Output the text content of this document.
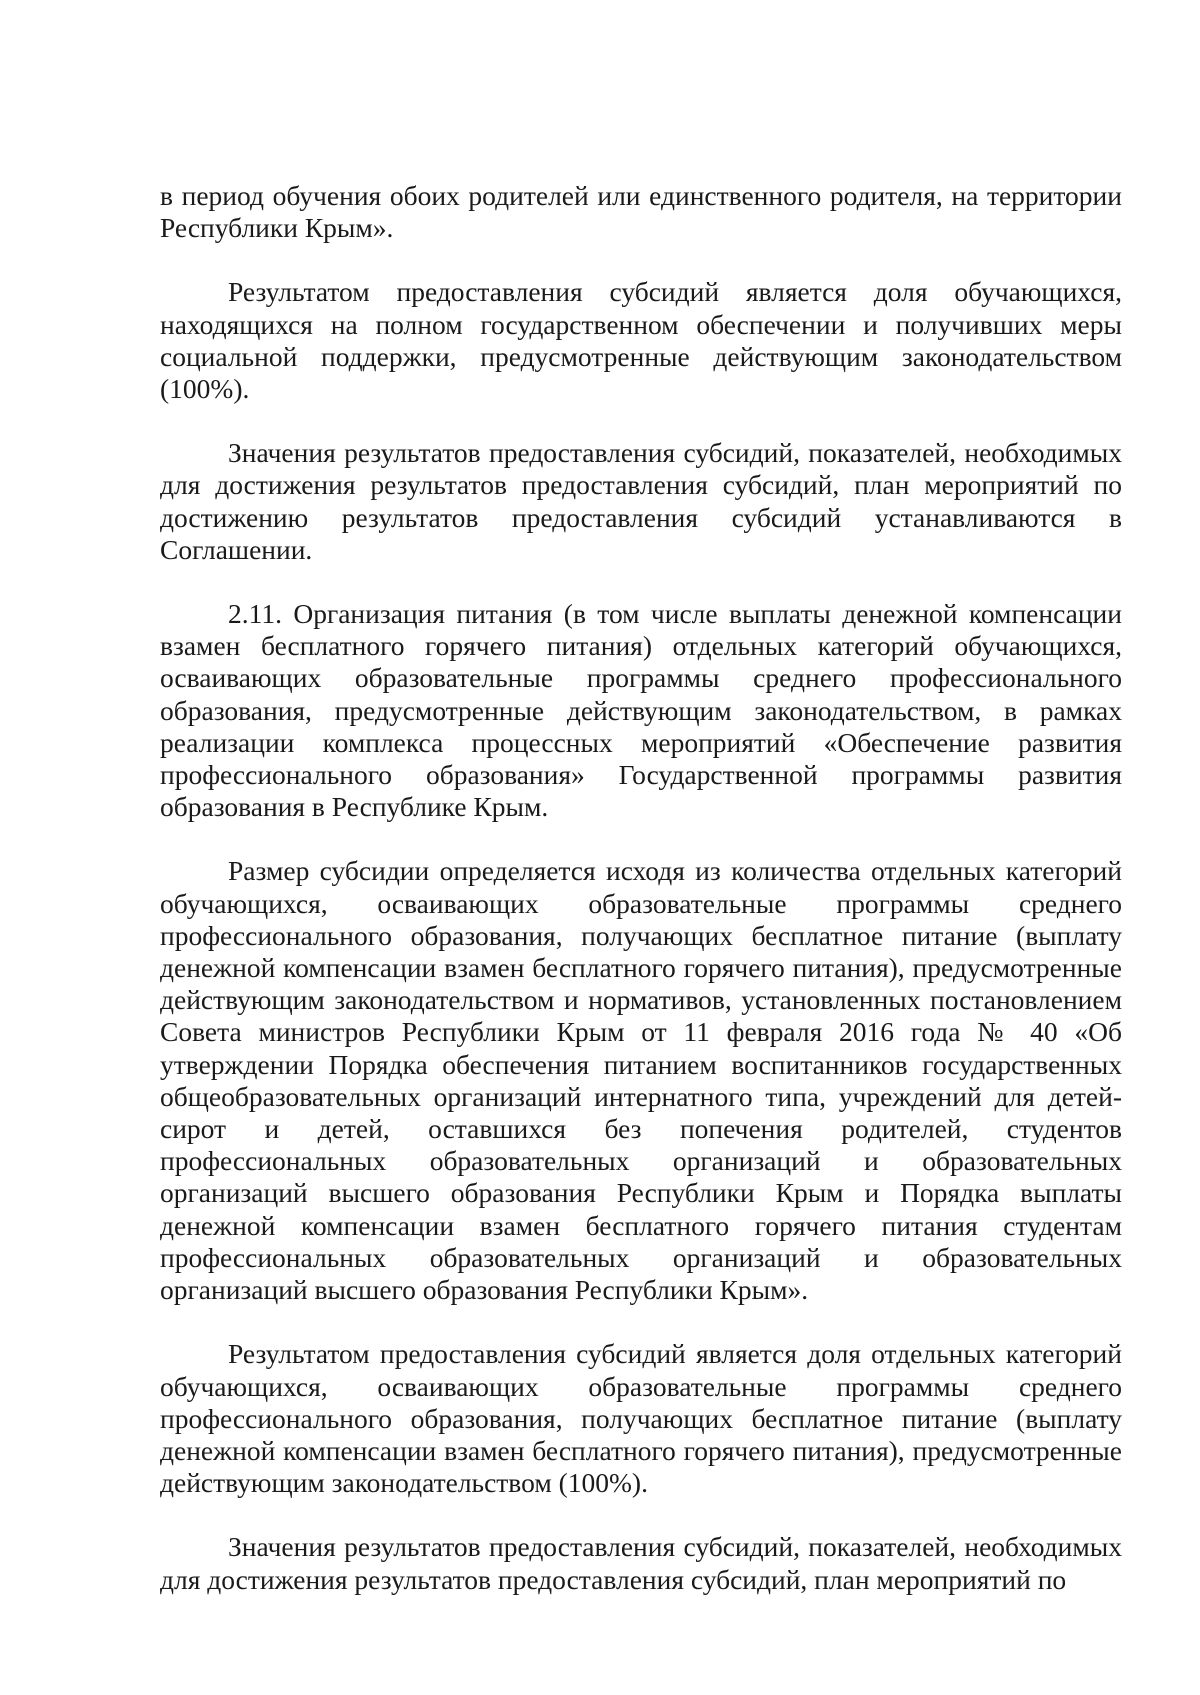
в период обучения обоих родителей или единственного родителя, на территории Республики Крым».

Результатом предоставления субсидий является доля обучающихся, находящихся на полном государственном обеспечении и получивших меры социальной поддержки, предусмотренные действующим законодательством (100%).

Значения результатов предоставления субсидий, показателей, необходимых для достижения результатов предоставления субсидий, план мероприятий по достижению результатов предоставления субсидий устанавливаются в Соглашении.

2.11. Организация питания (в том числе выплаты денежной компенсации взамен бесплатного горячего питания) отдельных категорий обучающихся, осваивающих образовательные программы среднего профессионального образования, предусмотренные действующим законодательством, в рамках реализации комплекса процессных мероприятий «Обеспечение развития профессионального образования» Государственной программы развития образования в Республике Крым.

Размер субсидии определяется исходя из количества отдельных категорий обучающихся, осваивающих образовательные программы среднего профессионального образования, получающих бесплатное питание (выплату денежной компенсации взамен бесплатного горячего питания), предусмотренные действующим законодательством и нормативов, установленных постановлением Совета министров Республики Крым от 11 февраля 2016 года № 40 «Об утверждении Порядка обеспечения питанием воспитанников государственных общеобразовательных организаций интернатного типа, учреждений для детей-сирот и детей, оставшихся без попечения родителей, студентов профессиональных образовательных организаций и образовательных организаций высшего образования Республики Крым и Порядка выплаты денежной компенсации взамен бесплатного горячего питания студентам профессиональных образовательных организаций и образовательных организаций высшего образования Республики Крым».

Результатом предоставления субсидий является доля отдельных категорий обучающихся, осваивающих образовательные программы среднего профессионального образования, получающих бесплатное питание (выплату денежной компенсации взамен бесплатного горячего питания), предусмотренные действующим законодательством (100%).

Значения результатов предоставления субсидий, показателей, необходимых для достижения результатов предоставления субсидий, план мероприятий по
